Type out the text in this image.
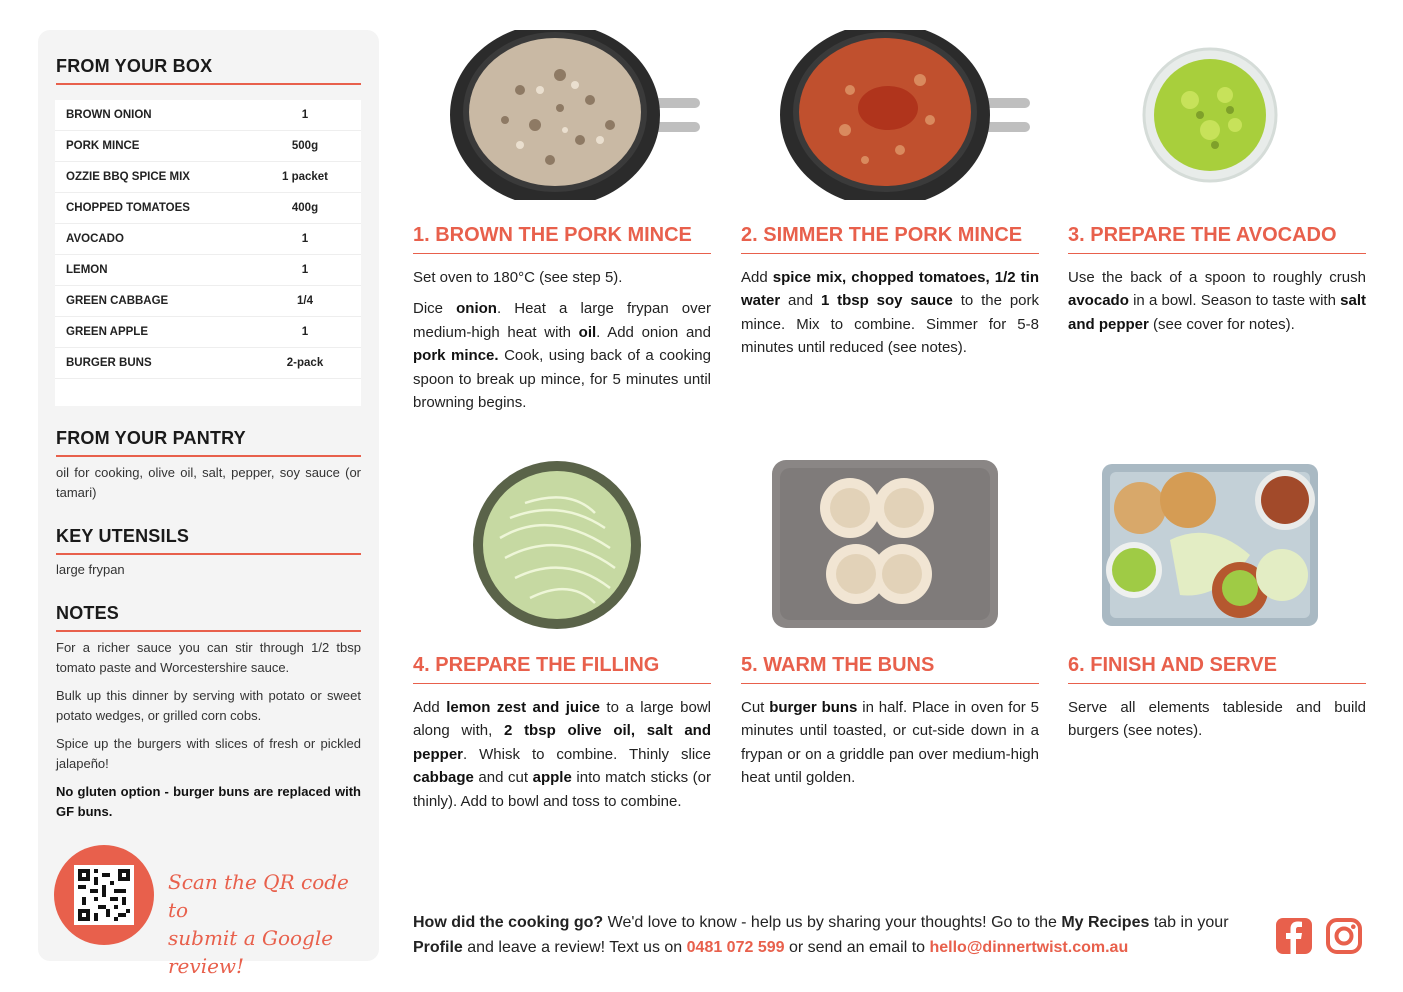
FROM YOUR BOX
BROWN ONION	1
PORK MINCE	500g
OZZIE BBQ SPICE MIX	1 packet
CHOPPED TOMATOES	400g
AVOCADO	1
LEMON	1
GREEN CABBAGE	1/4
GREEN APPLE	1
BURGER BUNS	2-pack
FROM YOUR PANTRY
oil for cooking, olive oil, salt, pepper, soy sauce (or tamari)
KEY UTENSILS
large frypan
NOTES

For a richer sauce you can stir through 1/2 tbsp tomato paste and Worcestershire sauce.

Bulk up this dinner by serving with potato or sweet potato wedges, or grilled corn cobs.

Spice up the burgers with slices of fresh or pickled jalapeño!

No gluten option - burger buns are replaced with GF buns.

Scan the QR code to
submit a Google review!
1. BROWN THE PORK MINCE

Set oven to 180°C (see step 5).

Dice onion. Heat a large frypan over medium-high heat with oil. Add onion and pork mince. Cook, using back of a cooking spoon to break up mince, for 5 minutes until browning begins.

2. SIMMER THE PORK MINCE

Add spice mix, chopped tomatoes, 1/2 tin water and 1 tbsp soy sauce to the pork mince. Mix to combine. Simmer for 5-8 minutes until reduced (see notes).

3. PREPARE THE AVOCADO

Use the back of a spoon to roughly crush avocado in a bowl. Season to taste with salt and pepper (see cover for notes).

4. PREPARE THE FILLING

Add lemon zest and juice to a large bowl along with, 2 tbsp olive oil, salt and pepper. Whisk to combine. Thinly slice cabbage and cut apple into match sticks (or thinly). Add to bowl and toss to combine.

5. WARM THE BUNS

Cut burger buns in half. Place in oven for 5 minutes until toasted, or cut-side down in a frypan or on a griddle pan over medium-high heat until golden.

6. FINISH AND SERVE

Serve all elements tableside and build burgers (see notes).

How did the cooking go? We'd love to know - help us by sharing your thoughts! Go to the My Recipes tab in your Profile and leave a review! Text us on 0481 072 599 or send an email to hello@dinnertwist.com.au
